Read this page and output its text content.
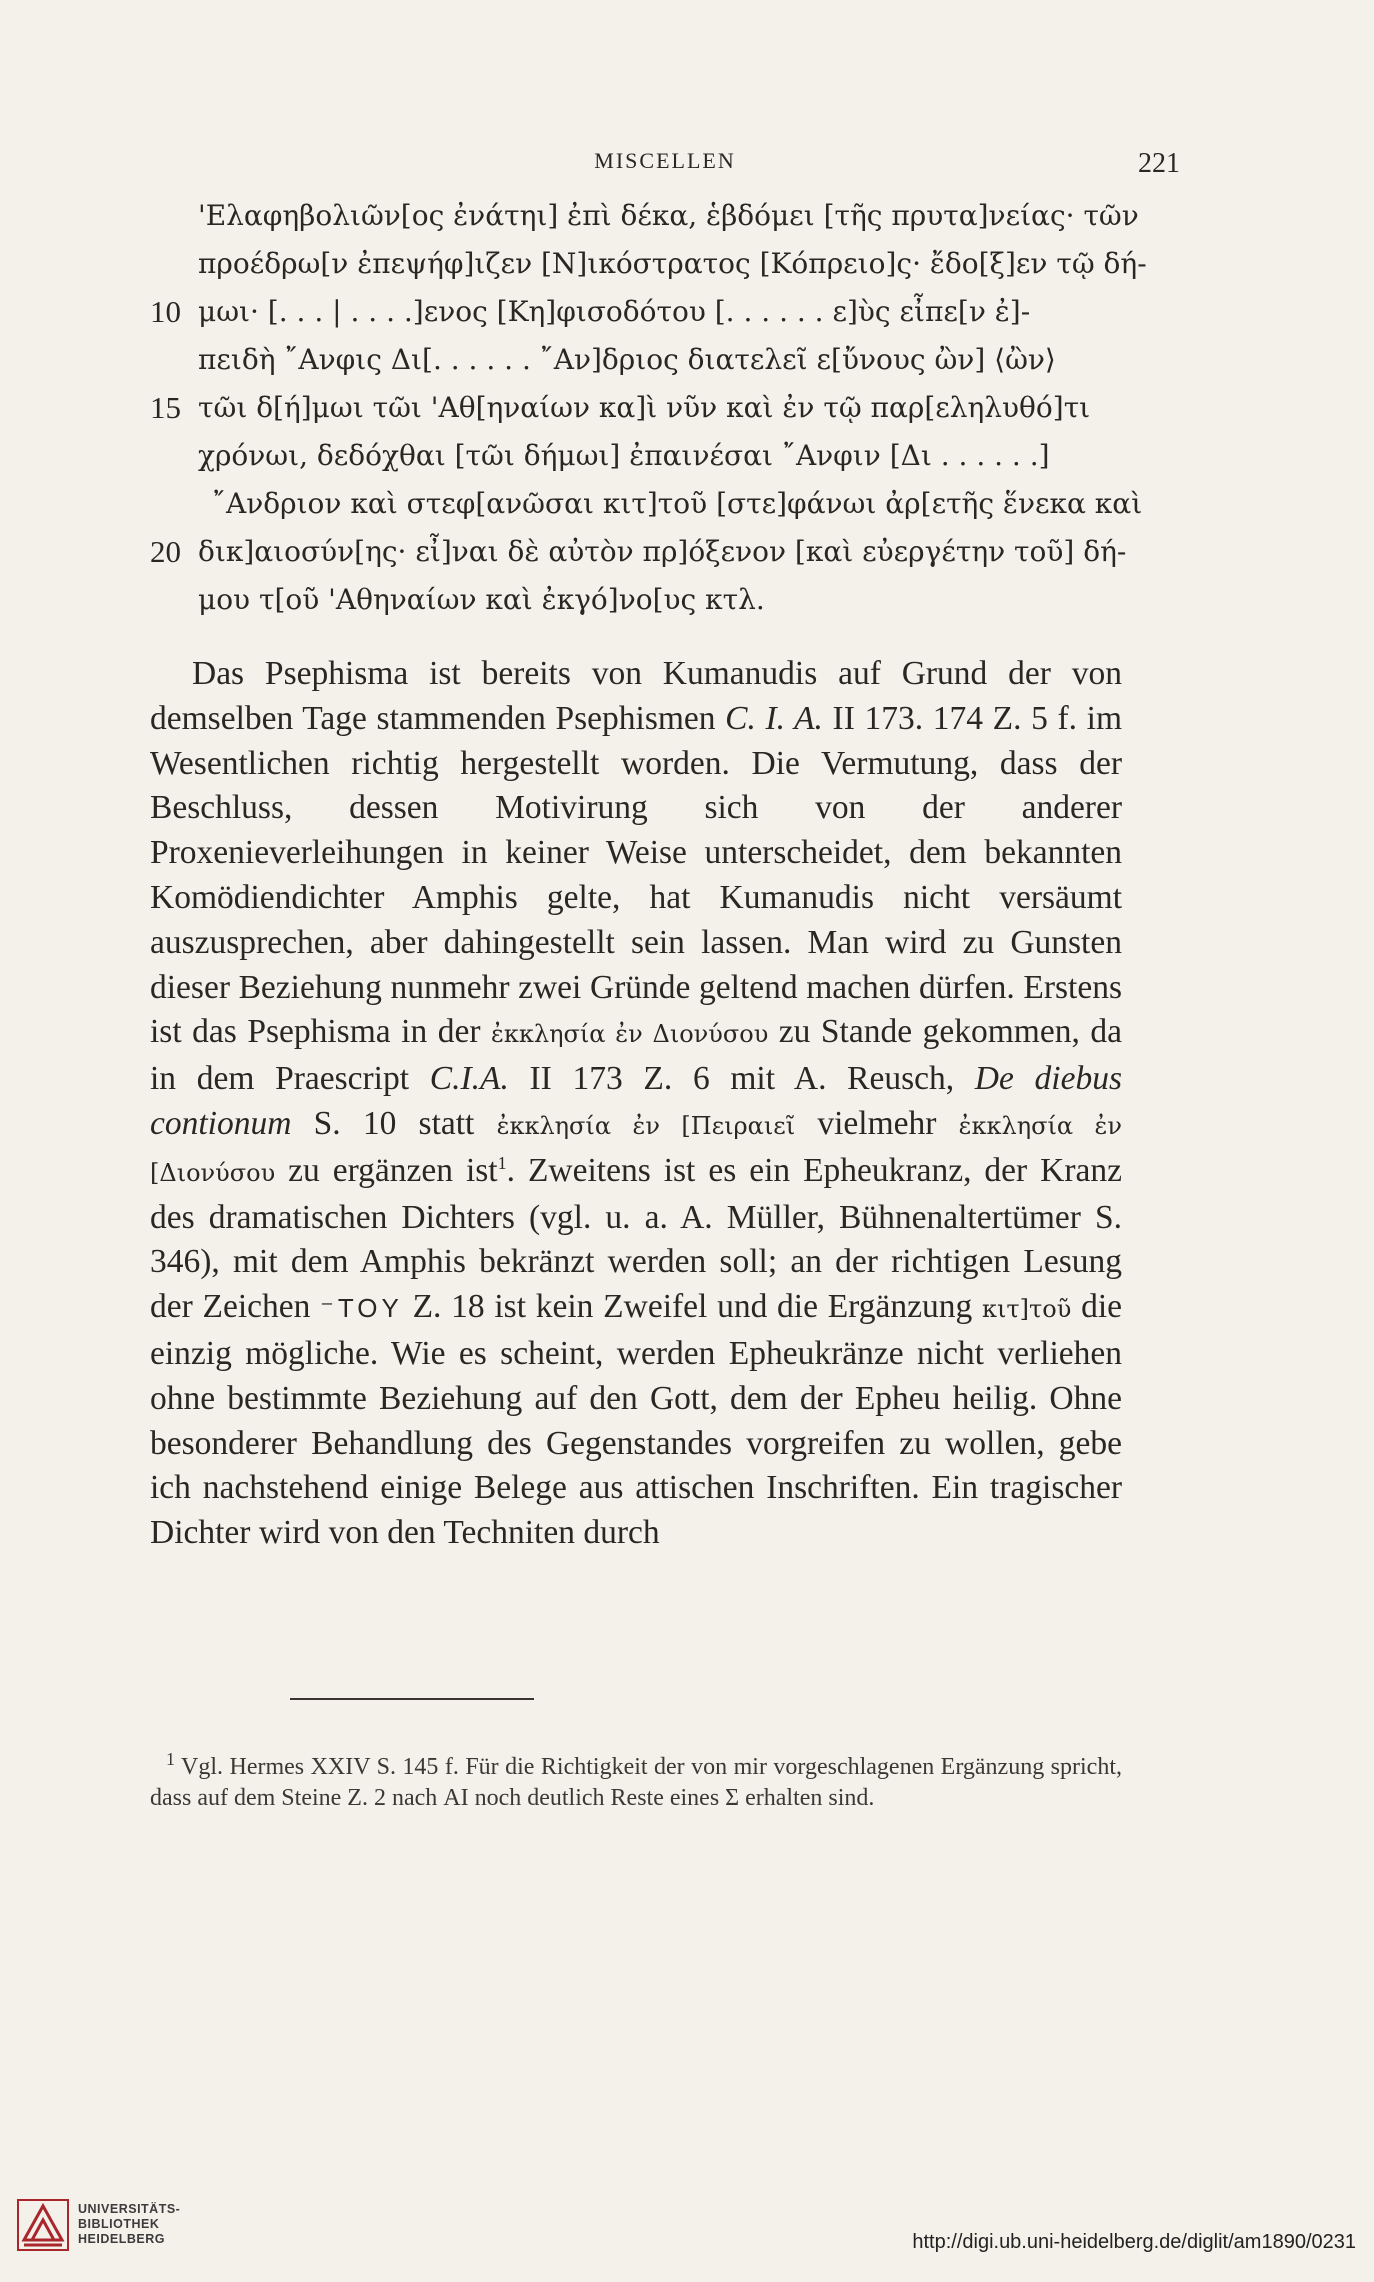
MISCELLEN	221
'Ελαφηβολιῶν[ος ἐνάτηι] ἐπὶ δέκα, ἑβδόμει [τῆς πρυτα]νείας· τῶν
προέδρω[ν ἐπεψήφ]ιζεν [Ν]ικόστρατος [Κόπρειο]ς· ἔδο[ξ]εν τῷ δή-
10 μωι· [. . . | . . . .]ενος [Κη]φισοδότου [. . . . . . ε]ὺς εἶπε[ν ἐ]-
πειδὴ ῎Ανφις Δι[. . . . . . ῎Αν]δριος διατελεῖ ε[ὔνους ὢν] ⟨ὢν⟩
15 τῶι δ[ή]μωι τῶι 'Αθ[ηναίων κα]ὶ νῦν καὶ ἐν τῷ παρ[εληλυθό]τι
χρόνωι, δεδόχθαι [τῶι δήμωι] ἐπαινέσαι ῎Ανφιν [Δι . . . . . .]
῎Ανδριον καὶ στεφ[ανῶσαι κιτ]τοῦ [στε]φάνωι ἀρ[ετῆς ἕνεκα καὶ
20 δικ]αιοσύν[ης· εἶ]ναι δὲ αὐτὸν πρ]όξενον [καὶ εὐεργέτην τοῦ] δή-
μου τ[οῦ 'Αθηναίων καὶ ἐκγό]νο[υς κτλ.

Das Psephisma ist bereits von Kumanudis auf Grund der von demselben Tage stammenden Psephismen C. I. A. II 173. 174 Z. 5 f. im Wesentlichen richtig hergestellt worden. Die Vermutung, dass der Beschluss, dessen Motivirung sich von der anderer Proxenieverleihungen in keiner Weise unterscheidet, dem bekannten Komödiendichter Amphis gelte, hat Kumanudis nicht versäumt auszusprechen, aber dahingestellt sein lassen. Man wird zu Gunsten dieser Beziehung nunmehr zwei Gründe geltend machen dürfen. Erstens ist das Psephisma in der ἐκκλησία ἐν Διονύσου zu Stande gekommen, da in dem Praescript C.I.A. II 173 Z. 6 mit A. Reusch, De diebus contionum S. 10 statt ἐκκλησία ἐν [Πειραιεῖ vielmehr ἐκκλησία ἐν [Διονύσου zu ergänzen ist$^1$. Zweitens ist es ein Epheukranz, der Kranz des dramatischen Dichters (vgl. u. a. A. Müller, Bühnenaltertümer S. 346), mit dem Amphis bekränzt werden soll; an der richtigen Lesung der Zeichen ⁻TOY Z. 18 ist kein Zweifel und die Ergänzung κιτ]τοῦ die einzig mögliche. Wie es scheint, werden Epheukränze nicht verliehen ohne bestimmte Beziehung auf den Gott, dem der Epheu heilig. Ohne besonderer Behandlung des Gegenstandes vorgreifen zu wollen, gebe ich nachstehend einige Belege aus attischen Inschriften. Ein tragischer Dichter wird von den Techniten durch

$^1$ Vgl. Hermes XXIV S. 145 f. Für die Richtigkeit der von mir vorgeschlagenen Ergänzung spricht, dass auf dem Steine Z. 2 nach ΑΙ noch deutlich Reste eines Σ erhalten sind.

UNIVERSITÄTS-
BIBLIOTHEK
HEIDELBERG	http://digi.ub.uni-heidelberg.de/diglit/am1890/0231
